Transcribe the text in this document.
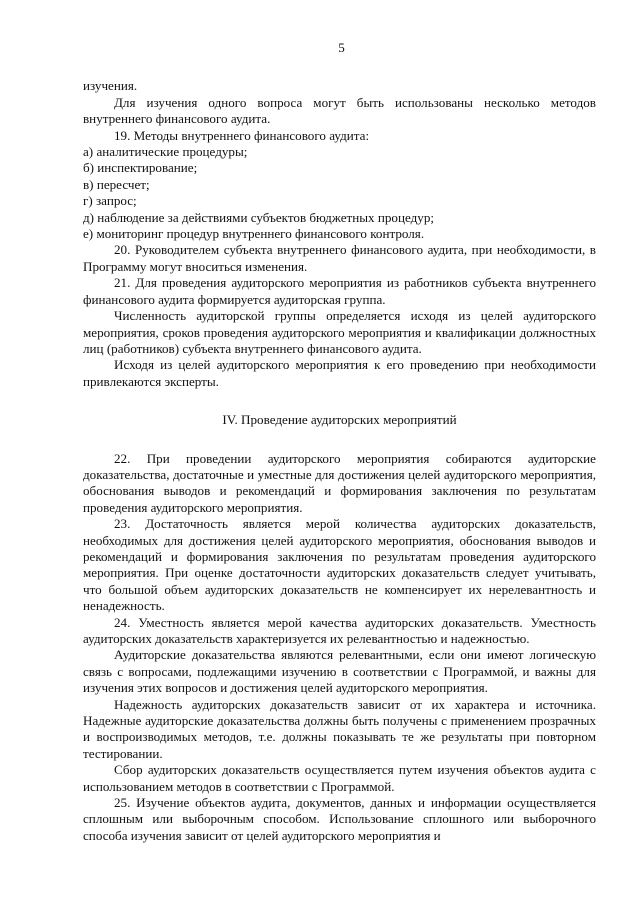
5

изучения.

Для изучения одного вопроса могут быть использованы несколько методов внутреннего финансового аудита.

19. Методы внутреннего финансового аудита:

а) аналитические процедуры;

б) инспектирование;

в) пересчет;

г) запрос;

д) наблюдение за действиями субъектов бюджетных процедур;

е) мониторинг процедур внутреннего финансового контроля.

20. Руководителем субъекта внутреннего финансового аудита, при необходимости, в Программу могут вноситься изменения.

21. Для проведения аудиторского мероприятия из работников субъекта внутреннего финансового аудита формируется аудиторская группа.

Численность аудиторской группы определяется исходя из целей аудиторского мероприятия, сроков проведения аудиторского мероприятия и квалификации должностных лиц (работников) субъекта внутреннего финансового аудита.

Исходя из целей аудиторского мероприятия к его проведению при необходимости привлекаются эксперты.

IV. Проведение аудиторских мероприятий

22. При проведении аудиторского мероприятия собираются аудиторские доказательства, достаточные и уместные для достижения целей аудиторского мероприятия, обоснования выводов и рекомендаций и формирования заключения по результатам проведения аудиторского мероприятия.

23. Достаточность является мерой количества аудиторских доказательств, необходимых для достижения целей аудиторского мероприятия, обоснования выводов и рекомендаций и формирования заключения по результатам проведения аудиторского мероприятия. При оценке достаточности аудиторских доказательств следует учитывать, что большой объем аудиторских доказательств не компенсирует их нерелевантность и ненадежность.

24. Уместность является мерой качества аудиторских доказательств. Уместность аудиторских доказательств характеризуется их релевантностью и надежностью.

Аудиторские доказательства являются релевантными, если они имеют логическую связь с вопросами, подлежащими изучению в соответствии с Программой, и важны для изучения этих вопросов и достижения целей аудиторского мероприятия.

Надежность аудиторских доказательств зависит от их характера и источника. Надежные аудиторские доказательства должны быть получены с применением прозрачных и воспроизводимых методов, т.е. должны показывать те же результаты при повторном тестировании.

Сбор аудиторских доказательств осуществляется путем изучения объектов аудита с использованием методов в соответствии с Программой.

25. Изучение объектов аудита, документов, данных и информации осуществляется сплошным или выборочным способом. Использование сплошного или выборочного способа изучения зависит от целей аудиторского мероприятия и
